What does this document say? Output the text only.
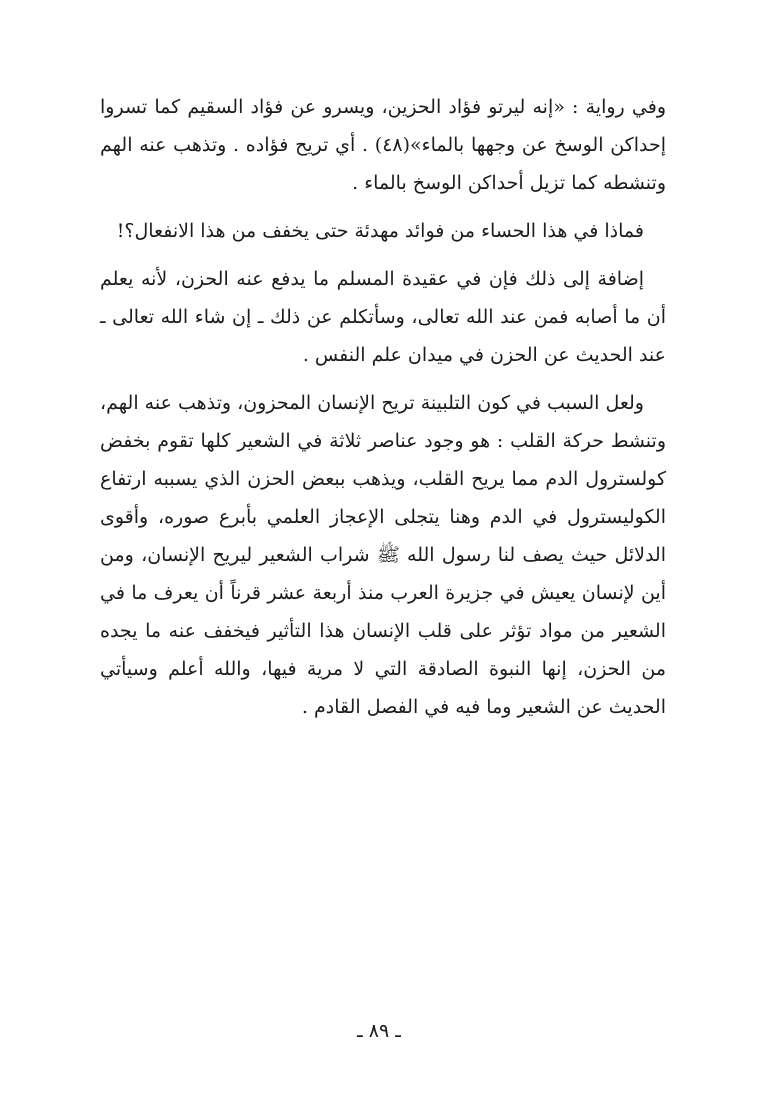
وفي رواية : «إنه ليرتو فؤاد الحزين، ويسرو عن فؤاد السقيم كما تسروا إحداكن الوسخ عن وجهها بالماء»(٤٨) . أي تريح فؤاده . وتذهب عنه الهم وتنشطه كما تزيل أحداكن الوسخ بالماء .

فماذا في هذا الحساء من فوائد مهدئة حتى يخفف من هذا الانفعال؟!

إضافة إلى ذلك فإن في عقيدة المسلم ما يدفع عنه الحزن، لأنه يعلم أن ما أصابه فمن عند الله تعالى، وسأتكلم عن ذلك ـ إن شاء الله تعالى ـ عند الحديث عن الحزن في ميدان علم النفس .

ولعل السبب في كون التلبينة تريح الإنسان المحزون، وتذهب عنه الهم، وتنشط حركة القلب : هو وجود عناصر ثلاثة في الشعير كلها تقوم بخفض كولسترول الدم مما يريح القلب، ويذهب ببعض الحزن الذي يسببه ارتفاع الكوليسترول في الدم وهنا يتجلى الإعجاز العلمي بأبرع صوره، وأقوى الدلائل حيث يصف لنا رسول الله ﷺ شراب الشعير ليريح الإنسان، ومن أين لإنسان يعيش في جزيرة العرب منذ أربعة عشر قرناً أن يعرف ما في الشعير من مواد تؤثر على قلب الإنسان هذا التأثير فيخفف عنه ما يجده من الحزن، إنها النبوة الصادقة التي لا مرية فيها، والله أعلم وسيأتي الحديث عن الشعير وما فيه في الفصل القادم .

ـ ٨٩ ـ
